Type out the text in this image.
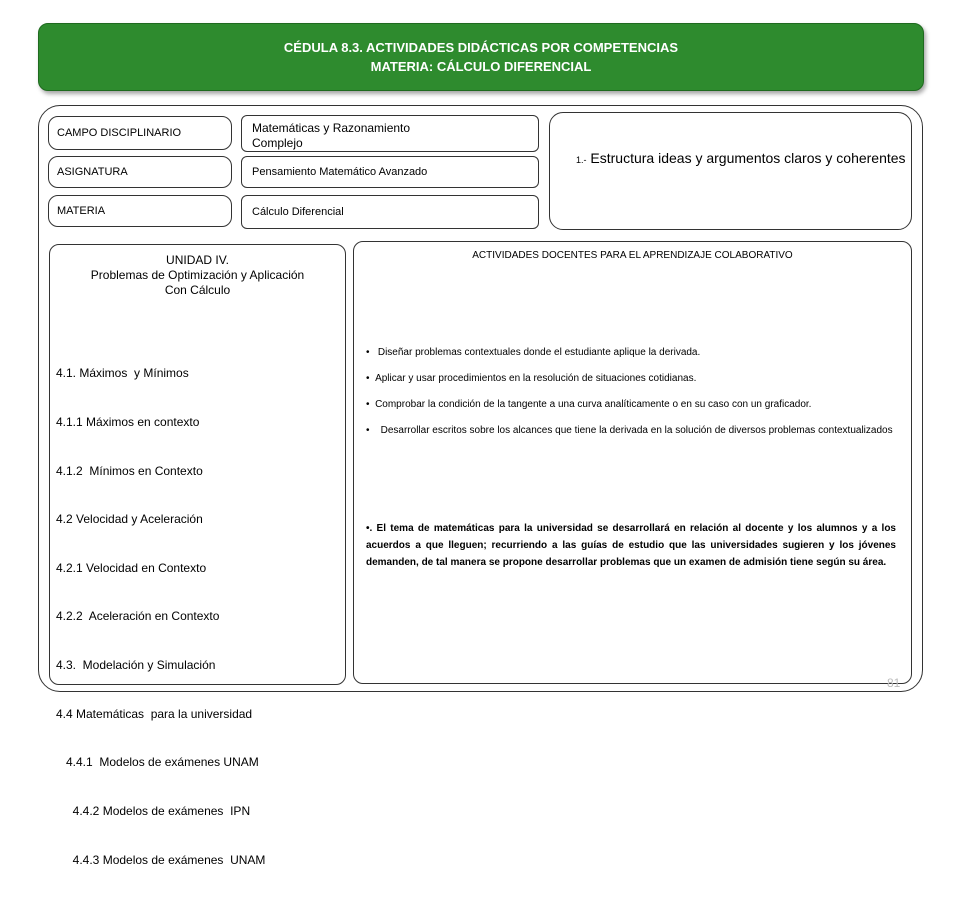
CÉDULA 8.3. ACTIVIDADES DIDÁCTICAS POR COMPETENCIAS
MATERIA: CÁLCULO DIFERENCIAL
CAMPO DISCIPLINARIO	Matemáticas y Razonamiento
Complejo
ASIGNATURA	Pensamiento Matemático Avanzado
MATERIA	Cálculo Diferencial
1.- Estructura ideas y argumentos claros y coherentes
UNIDAD IV.
Problemas de Optimización y Aplicación
Con Cálculo

4.1. Máximos  y Mínimos

4.1.1 Máximos en contexto

4.1.2  Mínimos en Contexto

4.2 Velocidad y Aceleración

4.2.1 Velocidad en Contexto

4.2.2  Aceleración en Contexto

4.3.  Modelación y Simulación

4.4 Matemáticas  para la universidad

4.4.1  Modelos de exámenes UNAM

4.4.2 Modelos de exámenes  IPN

4.4.3 Modelos de exámenes  UNAM

ACTIVIDADES DOCENTES PARA EL APRENDIZAJE COLABORATIVO
•   Diseñar problemas contextuales donde el estudiante aplique la derivada.
•  Aplicar y usar procedimientos en la resolución de situaciones cotidianas.
•  Comprobar la condición de la tangente a una curva analíticamente o en su caso con un graficador.
•    Desarrollar escritos sobre los alcances que tiene la derivada en la solución de diversos problemas contextualizados
•. El tema de matemáticas para la universidad se desarrollará en relación al docente y los alumnos y a los acuerdos a que lleguen; recurriendo a las guías de estudio que las universidades sugieren y los jóvenes demanden, de tal manera se propone desarrollar problemas que un examen de admisión tiene según su área.
81
